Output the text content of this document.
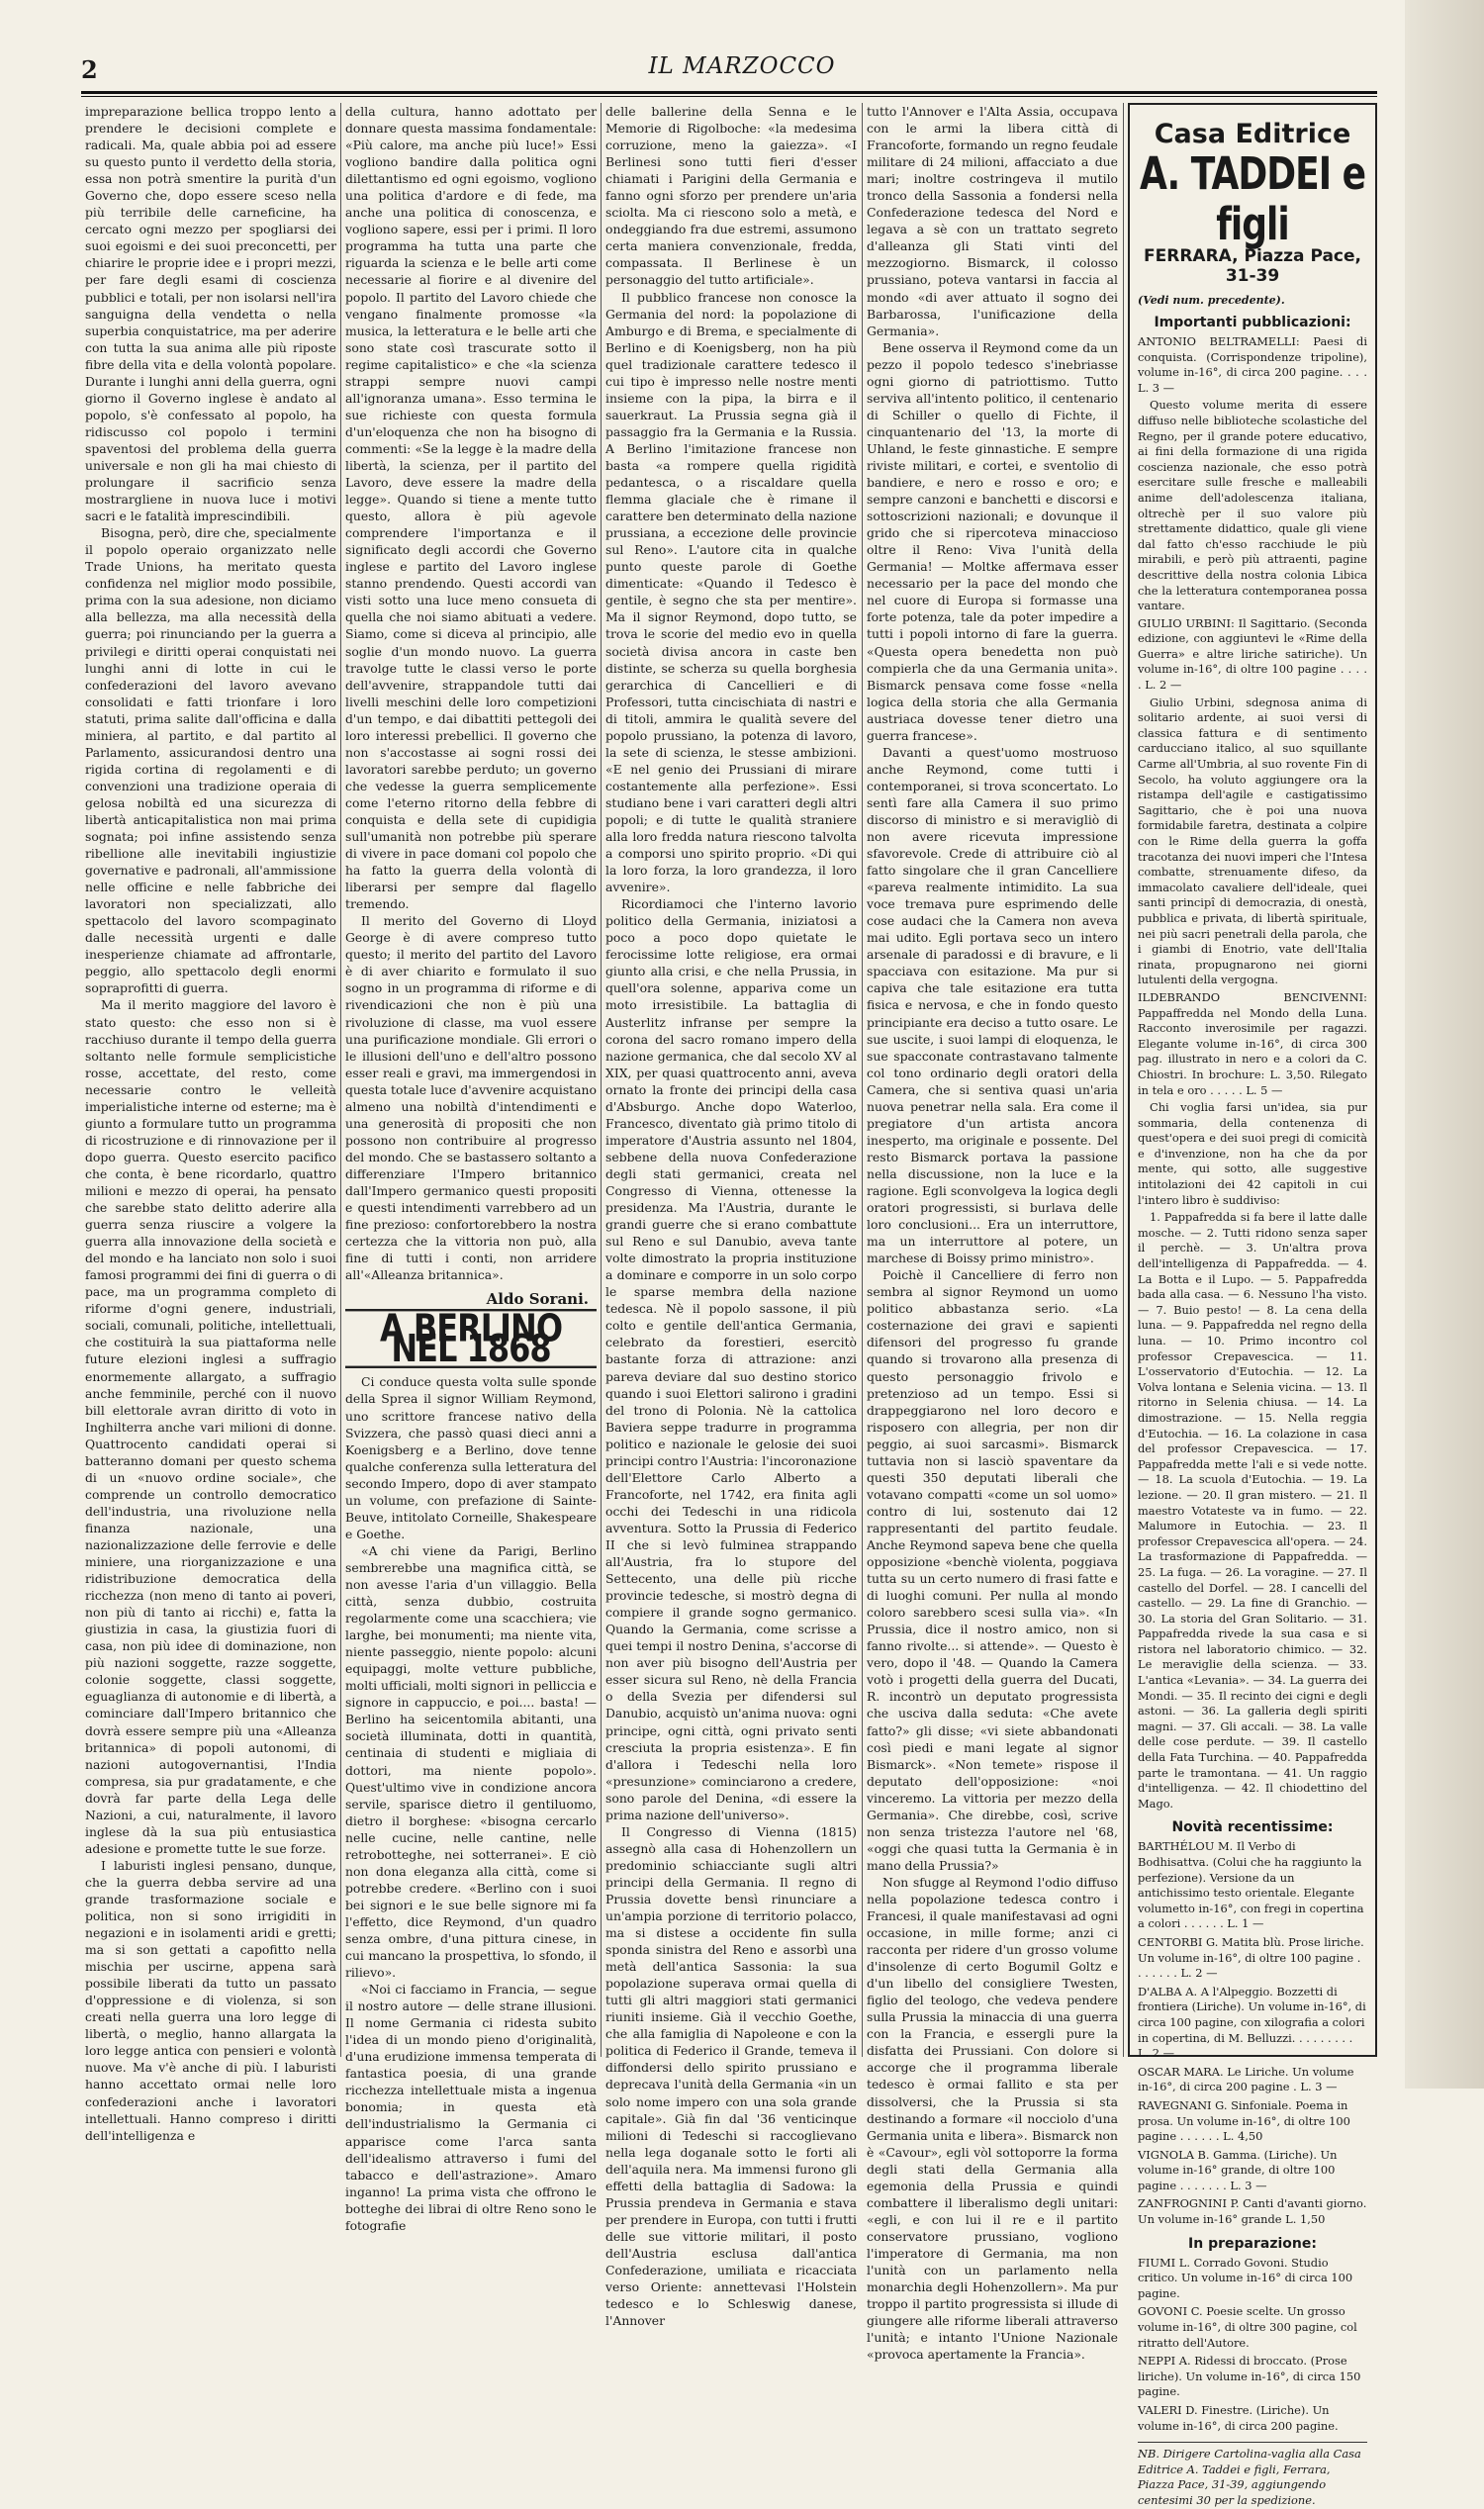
2	IL MARZOCCO

impreparazione bellica troppo lento a prendere le decisioni complete e radicali. Ma, quale abbia poi ad essere su questo punto il verdetto della storia, essa non potrà smentire la purità d'un Governo che, dopo essere sceso nella più terribile delle carneficine, ha cercato ogni mezzo per spogliarsi dei suoi egoismi e dei suoi preconcetti, per chiarire le proprie idee e i propri mezzi, per fare degli esami di coscienza pubblici e totali, per non isolarsi nell'ira sanguigna della vendetta o nella superbia conquistatrice, ma per aderire con tutta la sua anima alle più riposte fibre della vita e della volontà popolare. Durante i lunghi anni della guerra, ogni giorno il Governo inglese è andato al popolo, s'è confessato al popolo, ha ridiscusso col popolo i termini spaventosi del problema della guerra universale e non gli ha mai chiesto di prolungare il sacrificio senza mostrargliene in nuova luce i motivi sacri e le fatalità imprescindibili.

Bisogna, però, dire che, specialmente il popolo operaio organizzato nelle Trade Unions, ha meritato questa confidenza nel miglior modo possibile, prima con la sua adesione, non diciamo alla bellezza, ma alla necessità della guerra; poi rinunciando per la guerra a privilegi e diritti operai conquistati nei lunghi anni di lotte in cui le confederazioni del lavoro avevano consolidati e fatti trionfare i loro statuti, prima salite dall'officina e dalla miniera, al partito, e dal partito al Parlamento, assicurandosi dentro una rigida cortina di regolamenti e di convenzioni una tradizione operaia di gelosa nobiltà ed una sicurezza di libertà anticapitalistica non mai prima sognata; poi infine assistendo senza ribellione alle inevitabili ingiustizie governative e padronali, all'ammissione nelle officine e nelle fabbriche dei lavoratori non specializzati, allo spettacolo del lavoro scompaginato dalle necessità urgenti e dalle inesperienze chiamate ad affrontarle, peggio, allo spettacolo degli enormi sopraprofitti di guerra.

Ma il merito maggiore del lavoro è stato questo: che esso non si è racchiuso durante il tempo della guerra soltanto nelle formule semplicistiche rosse, accettate, del resto, come necessarie contro le velleità imperialistiche interne od esterne; ma è giunto a formulare tutto un programma di ricostruzione e di rinnovazione per il dopo guerra. Questo esercito pacifico che conta, è bene ricordarlo, quattro milioni e mezzo di operai, ha pensato che sarebbe stato delitto aderire alla guerra senza riuscire a volgere la guerra alla innovazione della società e del mondo e ha lanciato non solo i suoi famosi programmi dei fini di guerra o di pace, ma un programma completo di riforme d'ogni genere, industriali, sociali, comunali, politiche, intellettuali, che costituirà la sua piattaforma nelle future elezioni inglesi a suffragio enormemente allargato, a suffragio anche femminile, perché con il nuovo bill elettorale avran diritto di voto in Inghilterra anche vari milioni di donne. Quattrocento candidati operai si batteranno domani per questo schema di un «nuovo ordine sociale», che comprende un controllo democratico dell'industria, una rivoluzione nella finanza nazionale, una nazionalizzazione delle ferrovie e delle miniere, una riorganizzazione e una ridistribuzione democratica della ricchezza (non meno di tanto ai poveri, non più di tanto ai ricchi) e, fatta la giustizia in casa, la giustizia fuori di casa, non più idee di dominazione, non più nazioni soggette, razze soggette, colonie soggette, classi soggette, eguaglianza di autonomie e di libertà, a cominciare dall'Impero britannico che dovrà essere sempre più una «Alleanza britannica» di popoli autonomi, di nazioni autogovernantisi, l'India compresa, sia pur gradatamente, e che dovrà far parte della Lega delle Nazioni, a cui, naturalmente, il lavoro inglese dà la sua più entusiastica adesione e promette tutte le sue forze.

I laburisti inglesi pensano, dunque, che la guerra debba servire ad una grande trasformazione sociale e politica, non si sono irrigiditi in negazioni e in isolamenti aridi e gretti; ma si son gettati a capofitto nella mischia per uscirne, appena sarà possibile liberati da tutto un passato d'oppressione e di violenza, si son creati nella guerra una loro legge di libertà, o meglio, hanno allargata la loro legge antica con pensieri e volontà nuove. Ma v'è anche di più. I laburisti hanno accettato ormai nelle loro confederazioni anche i lavoratori intellettuali. Hanno compreso i diritti dell'intelligenza e

della cultura, hanno adottato per donnare questa massima fondamentale: «Più calore, ma anche più luce!» Essi vogliono bandire dalla politica ogni dilettantismo ed ogni egoismo, vogliono una politica d'ardore e di fede, ma anche una politica di conoscenza, e vogliono sapere, essi per i primi. Il loro programma ha tutta una parte che riguarda la scienza e le belle arti come necessarie al fiorire e al divenire del popolo. Il partito del Lavoro chiede che vengano finalmente promosse «la musica, la letteratura e le belle arti che sono state così trascurate sotto il regime capitalistico» e che «la scienza strappi sempre nuovi campi all'ignoranza umana». Esso termina le sue richieste con questa formula d'un'eloquenza che non ha bisogno di commenti: «Se la legge è la madre della libertà, la scienza, per il partito del Lavoro, deve essere la madre della legge». Quando si tiene a mente tutto questo, allora è più agevole comprendere l'importanza e il significato degli accordi che Governo inglese e partito del Lavoro inglese stanno prendendo. Questi accordi van visti sotto una luce meno consueta di quella che noi siamo abituati a vedere. Siamo, come si diceva al principio, alle soglie d'un mondo nuovo. La guerra travolge tutte le classi verso le porte dell'avvenire, strappandole tutti dai livelli meschini delle loro competizioni d'un tempo, e dai dibattiti pettegoli dei loro interessi prebellici. Il governo che non s'accostasse ai sogni rossi dei lavoratori sarebbe perduto; un governo che vedesse la guerra semplicemente come l'eterno ritorno della febbre di conquista e della sete di cupidigia sull'umanità non potrebbe più sperare di vivere in pace domani col popolo che ha fatto la guerra della volontà di liberarsi per sempre dal flagello tremendo.

Il merito del Governo di Lloyd George è di avere compreso tutto questo; il merito del partito del Lavoro è di aver chiarito e formulato il suo sogno in un programma di riforme e di rivendicazioni che non è più una rivoluzione di classe, ma vuol essere una purificazione mondiale. Gli errori o le illusioni dell'uno e dell'altro possono esser reali e gravi, ma immergendosi in questa totale luce d'avvenire acquistano almeno una nobiltà d'intendimenti e una generosità di propositi che non possono non contribuire al progresso del mondo. Che se bastassero soltanto a differenziare l'Impero britannico dall'Impero germanico questi propositi e questi intendimenti varrebbero ad un fine prezioso: confortorebbero la nostra certezza che la vittoria non può, alla fine di tutti i conti, non arridere all'«Alleanza britannica».

Aldo Sorani.
A BERLINO NEL 1868

Ci conduce questa volta sulle sponde della Sprea il signor William Reymond, uno scrittore francese nativo della Svizzera, che passò quasi dieci anni a Koenigsberg e a Berlino, dove tenne qualche conferenza sulla letteratura del secondo Impero, dopo di aver stampato un volume, con prefazione di Sainte-Beuve, intitolato Corneille, Shakespeare e Goethe.

«A chi viene da Parigi, Berlino sembrerebbe una magnifica città, se non avesse l'aria d'un villaggio. Bella città, senza dubbio, costruita regolarmente come una scacchiera; vie larghe, bei monumenti; ma niente vita, niente passeggio, niente popolo: alcuni equipaggi, molte vetture pubbliche, molti ufficiali, molti signori in pelliccia e signore in cappuccio, e poi.... basta! — Berlino ha seicentomila abitanti, una società illuminata, dotti in quantità, centinaia di studenti e migliaia di dottori, ma niente popolo». Quest'ultimo vive in condizione ancora servile, sparisce dietro il gentiluomo, dietro il borghese: «bisogna cercarlo nelle cucine, nelle cantine, nelle retrobotteghe, nei sotterranei». E ciò non dona eleganza alla città, come si potrebbe credere. «Berlino con i suoi bei signori e le sue belle signore mi fa l'effetto, dice Reymond, d'un quadro senza ombre, d'una pittura cinese, in cui mancano la prospettiva, lo sfondo, il rilievo».

«Noi ci facciamo in Francia, — segue il nostro autore — delle strane illusioni. Il nome Germania ci ridesta subito l'idea di un mondo pieno d'originalità, d'una erudizione immensa temperata di fantastica poesia, di una grande ricchezza intellettuale mista a ingenua bonomia; in questa età dell'industrialismo la Germania ci apparisce come l'arca santa dell'idealismo attraverso i fumi del tabacco e dell'astrazione». Amaro inganno! La prima vista che offrono le botteghe dei librai di oltre Reno sono le fotografie

delle ballerine della Senna e le Memorie di Rigolboche: «la medesima corruzione, meno la gaiezza». «I Berlinesi sono tutti fieri d'esser chiamati i Parigini della Germania e fanno ogni sforzo per prendere un'aria sciolta. Ma ci riescono solo a metà, e ondeggiando fra due estremi, assumono certa maniera convenzionale, fredda, compassata. Il Berlinese è un personaggio del tutto artificiale».

Il pubblico francese non conosce la Germania del nord: la popolazione di Amburgo e di Brema, e specialmente di Berlino e di Koenigsberg, non ha più quel tradizionale carattere tedesco il cui tipo è impresso nelle nostre menti insieme con la pipa, la birra e il sauerkraut. La Prussia segna già il passaggio fra la Germania e la Russia. A Berlino l'imitazione francese non basta «a rompere quella rigidità pedantesca, o a riscaldare quella flemma glaciale che è rimane il carattere ben determinato della nazione prussiana, a eccezione delle provincie sul Reno». L'autore cita in qualche punto queste parole di Goethe dimenticate: «Quando il Tedesco è gentile, è segno che sta per mentire». Ma il signor Reymond, dopo tutto, se trova le scorie del medio evo in quella società divisa ancora in caste ben distinte, se scherza su quella borghesia gerarchica di Cancellieri e di Professori, tutta cincischiata di nastri e di titoli, ammira le qualità severe del popolo prussiano, la potenza di lavoro, la sete di scienza, le stesse ambizioni. «E nel genio dei Prussiani di mirare costantemente alla perfezione». Essi studiano bene i vari caratteri degli altri popoli; e di tutte le qualità straniere alla loro fredda natura riescono talvolta a comporsi uno spirito proprio. «Di qui la loro forza, la loro grandezza, il loro avvenire».

Ricordiamoci che l'interno lavorio politico della Germania, iniziatosi a poco a poco dopo quietate le ferocissime lotte religiose, era ormai giunto alla crisi, e che nella Prussia, in quell'ora solenne, appariva come un moto irresistibile. La battaglia di Austerlitz infranse per sempre la corona del sacro romano impero della nazione germanica, che dal secolo XV al XIX, per quasi quattrocento anni, aveva ornato la fronte dei principi della casa d'Absburgo. Anche dopo Waterloo, Francesco, diventato già primo titolo di imperatore d'Austria assunto nel 1804, sebbene della nuova Confederazione degli stati germanici, creata nel Congresso di Vienna, ottenesse la presidenza. Ma l'Austria, durante le grandi guerre che si erano combattute sul Reno e sul Danubio, aveva tante volte dimostrato la propria instituzione a dominare e comporre in un solo corpo le sparse membra della nazione tedesca. Nè il popolo sassone, il più colto e gentile dell'antica Germania, celebrato da forestieri, esercitò bastante forza di attrazione: anzi pareva deviare dal suo destino storico quando i suoi Elettori salirono i gradini del trono di Polonia. Nè la cattolica Baviera seppe tradurre in programma politico e nazionale le gelosie dei suoi principi contro l'Austria: l'incoronazione dell'Elettore Carlo Alberto a Francoforte, nel 1742, era finita agli occhi dei Tedeschi in una ridicola avventura. Sotto la Prussia di Federico II che si levò fulminea strappando all'Austria, fra lo stupore del Settecento, una delle più ricche provincie tedesche, si mostrò degna di compiere il grande sogno germanico. Quando la Germania, come scrisse a quei tempi il nostro Denina, s'accorse di non aver più bisogno dell'Austria per esser sicura sul Reno, nè della Francia o della Svezia per difendersi sul Danubio, acquistò un'anima nuova: ogni principe, ogni città, ogni privato senti cresciuta la propria esistenza». E fin d'allora i Tedeschi nella loro «presunzione» cominciarono a credere, sono parole del Denina, «di essere la prima nazione dell'universo».

Il Congresso di Vienna (1815) assegnò alla casa di Hohenzollern un predominio schiacciante sugli altri principi della Germania. Il regno di Prussia dovette bensì rinunciare a un'ampia porzione di territorio polacco, ma si distese a occidente fin sulla sponda sinistra del Reno e assorbì una metà dell'antica Sassonia: la sua popolazione superava ormai quella di tutti gli altri maggiori stati germanici riuniti insieme. Già il vecchio Goethe, che alla famiglia di Napoleone e con la politica di Federico il Grande, temeva il diffondersi dello spirito prussiano e deprecava l'unità della Germania «in un solo nome impero con una sola grande capitale». Già fin dal '36 venticinque milioni di Tedeschi si raccoglievano nella lega doganale sotto le forti ali dell'aquila nera. Ma immensi furono gli effetti della battaglia di Sadowa: la Prussia prendeva in Germania e stava per prendere in Europa, con tutti i frutti delle sue vittorie militari, il posto dell'Austria esclusa dall'antica Confederazione, umiliata e ricacciata verso Oriente: annettevasi l'Holstein tedesco e lo Schleswig danese, l'Annover

tutto l'Annover e l'Alta Assia, occupava con le armi la libera città di Francoforte, formando un regno feudale militare di 24 milioni, affacciato a due mari; inoltre costringeva il mutilo tronco della Sassonia a fondersi nella Confederazione tedesca del Nord e legava a sè con un trattato segreto d'alleanza gli Stati vinti del mezzogiorno. Bismarck, il colosso prussiano, poteva vantarsi in faccia al mondo «di aver attuato il sogno dei Barbarossa, l'unificazione della Germania».

Bene osserva il Reymond come da un pezzo il popolo tedesco s'inebriasse ogni giorno di patriottismo. Tutto serviva all'intento politico, il centenario di Schiller o quello di Fichte, il cinquantenario del '13, la morte di Uhland, le feste ginnastiche. E sempre riviste militari, e cortei, e sventolio di bandiere, e nero e rosso e oro; e sempre canzoni e banchetti e discorsi e sottoscrizioni nazionali; e dovunque il grido che si ripercoteva minaccioso oltre il Reno: Viva l'unità della Germania! — Moltke affermava esser necessario per la pace del mondo che nel cuore di Europa si formasse una forte potenza, tale da poter impedire a tutti i popoli intorno di fare la guerra. «Questa opera benedetta non può compierla che da una Germania unita». Bismarck pensava come fosse «nella logica della storia che alla Germania austriaca dovesse tener dietro una guerra francese».

Davanti a quest'uomo mostruoso anche Reymond, come tutti i contemporanei, si trova sconcertato. Lo sentì fare alla Camera il suo primo discorso di ministro e si meravigliò di non avere ricevuta impressione sfavorevole. Crede di attribuire ciò al fatto singolare che il gran Cancelliere «pareva realmente intimidito. La sua voce tremava pure esprimendo delle cose audaci che la Camera non aveva mai udito. Egli portava seco un intero arsenale di paradossi e di bravure, e li spacciava con esitazione. Ma pur si capiva che tale esitazione era tutta fisica e nervosa, e che in fondo questo principiante era deciso a tutto osare. Le sue uscite, i suoi lampi di eloquenza, le sue spacconate contrastavano talmente col tono ordinario degli oratori della Camera, che si sentiva quasi un'aria nuova penetrar nella sala. Era come il pregiatore d'un artista ancora inesperto, ma originale e possente. Del resto Bismarck portava la passione nella discussione, non la luce e la ragione. Egli sconvolgeva la logica degli oratori progressisti, si burlava delle loro conclusioni... Era un interruttore, ma un interruttore al potere, un marchese di Boissy primo ministro».

Poichè il Cancelliere di ferro non sembra al signor Reymond un uomo politico abbastanza serio. «La costernazione dei gravi e sapienti difensori del progresso fu grande quando si trovarono alla presenza di questo personaggio frivolo e pretenzioso ad un tempo. Essi si drappeggiarono nel loro decoro e risposero con allegria, per non dir peggio, ai suoi sarcasmi». Bismarck tuttavia non si lasciò spaventare da questi 350 deputati liberali che votavano compatti «come un sol uomo» contro di lui, sostenuto dai 12 rappresentanti del partito feudale. Anche Reymond sapeva bene che quella opposizione «benchè violenta, poggiava tutta su un certo numero di frasi fatte e di luoghi comuni. Per nulla al mondo coloro sarebbero scesi sulla via». «In Prussia, dice il nostro amico, non si fanno rivolte... si attende». — Questo è vero, dopo il '48. — Quando la Camera votò i progetti della guerra del Ducati, R. incontrò un deputato progressista che usciva dalla seduta: «Che avete fatto?» gli disse; «vi siete abbandonati così piedi e mani legate al signor Bismarck». «Non temete» rispose il deputato dell'opposizione: «noi vinceremo. La vittoria per mezzo della Germania». Che direbbe, così, scrive non senza tristezza l'autore nel '68, «oggi che quasi tutta la Germania è in mano della Prussia?»

Non sfugge al Reymond l'odio diffuso nella popolazione tedesca contro i Francesi, il quale manifestavasi ad ogni occasione, in mille forme; anzi ci racconta per ridere d'un grosso volume d'insolenze di certo Bogumil Goltz e d'un libello del consigliere Twesten, figlio del teologo, che vedeva pendere sulla Prussia la minaccia di una guerra con la Francia, e essergli pure la disfatta dei Prussiani. Con dolore si accorge che il programma liberale tedesco è ormai fallito e sta per dissolversi, che la Prussia si sta destinando a formare «il nocciolo d'una Germania unita e libera». Bismarck non è «Cavour», egli vòl sottoporre la forma degli stati della Germania alla egemonia della Prussia e quindi combattere il liberalismo degli unitari: «egli, e con lui il re e il partito conservatore prussiano, vogliono l'imperatore di Germania, ma non l'unità con un parlamento nella monarchia degli Hohenzollern». Ma pur troppo il partito progressista si illude di giungere alle riforme liberali attraverso l'unità; e intanto l'Unione Nazionale «provoca apertamente la Francia».

Casa Editrice
A. TADDEI e figli
FERRARA, Piazza Pace, 31-39
(Vedi num. precedente).
Importanti pubblicazioni:

ANTONIO BELTRAMELLI: Paesi di conquista. (Corrispondenze tripoline), volume in-16°, di circa 200 pagine. . . . L. 3 —

Questo volume merita di essere diffuso nelle biblioteche scolastiche del Regno, per il grande potere educativo, ai fini della formazione di una rigida coscienza nazionale, che esso potrà esercitare sulle fresche e malleabili anime dell'adolescenza italiana, oltrechè per il suo valore più strettamente didattico, quale gli viene dal fatto ch'esso racchiude le più mirabili, e però più attraenti, pagine descrittive della nostra colonia Libica che la letteratura contemporanea possa vantare.

GIULIO URBINI: Il Sagittario. (Seconda edizione, con aggiuntevi le «Rime della Guerra» e altre liriche satiriche). Un volume in-16°, di oltre 100 pagine . . . . . L. 2 —

Giulio Urbini, sdegnosa anima di solitario ardente, ai suoi versi di classica fattura e di sentimento carducciano italico, al suo squillante Carme all'Umbria, al suo rovente Fin di Secolo, ha voluto aggiungere ora la ristampa dell'agile e castigatissimo Sagittario, che è poi una nuova formidabile faretra, destinata a colpire con le Rime della guerra la goffa tracotanza dei nuovi imperi che l'Intesa combatte, strenuamente difeso, da immacolato cavaliere dell'ideale, quei santi principî di democrazia, di onestà, pubblica e privata, di libertà spirituale, nei più sacri penetrali della parola, che i giambi di Enotrio, vate dell'Italia rinata, propugnarono nei giorni lutulenti della vergogna.

ILDEBRANDO BENCIVENNI: Pappaffredda nel Mondo della Luna. Racconto inverosimile per ragazzi. Elegante volume in-16°, di circa 300 pag. illustrato in nero e a colori da C. Chiostri. In brochure: L. 3,50. Rilegato in tela e oro . . . . . L. 5 —

Chi voglia farsi un'idea, sia pur sommaria, della contenenza di quest'opera e dei suoi pregi di comicità e d'invenzione, non ha che da por mente, qui sotto, alle suggestive intitolazioni dei 42 capitoli in cui l'intero libro è suddiviso:

1. Pappafredda si fa bere il latte dalle mosche. — 2. Tutti ridono senza saper il perchè. — 3. Un'altra prova dell'intelligenza di Pappafredda. — 4. La Botta e il Lupo. — 5. Pappafredda bada alla casa. — 6. Nessuno l'ha visto. — 7. Buio pesto! — 8. La cena della luna. — 9. Pappafredda nel regno della luna. — 10. Primo incontro col professor Crepavescica. — 11. L'osservatorio d'Eutochia. — 12. La Volva lontana e Selenia vicina. — 13. Il ritorno in Selenia chiusa. — 14. La dimostrazione. — 15. Nella reggia d'Eutochia. — 16. La colazione in casa del professor Crepavescica. — 17. Pappafredda mette l'ali e si vede notte. — 18. La scuola d'Eutochia. — 19. La lezione. — 20. Il gran mistero. — 21. Il maestro Votateste va in fumo. — 22. Malumore in Eutochia. — 23. Il professor Crepavescica all'opera. — 24. La trasformazione di Pappafredda. — 25. La fuga. — 26. La voragine. — 27. Il castello del Dorfel. — 28. I cancelli del castello. — 29. La fine di Granchio. — 30. La storia del Gran Solitario. — 31. Pappafredda rivede la sua casa e si ristora nel laboratorio chimico. — 32. Le meraviglie della scienza. — 33. L'antica «Levania». — 34. La guerra dei Mondi. — 35. Il recinto dei cigni e degli astoni. — 36. La galleria degli spiriti magni. — 37. Gli accali. — 38. La valle delle cose perdute. — 39. Il castello della Fata Turchina. — 40. Pappafredda parte le tramontana. — 41. Un raggio d'intelligenza. — 42. Il chiodettino del Mago.

Novità recentissime:
BARTHÉLOU M. Il Verbo di Bodhisattva. (Colui che ha raggiunto la perfezione). Versione da un antichissimo testo orientale. Elegante volumetto in-16°, con fregi in copertina a colori . . . . . . L. 1 —
CENTORBI G. Matita blù. Prose liriche. Un volume in-16°, di oltre 100 pagine . . . . . . . L. 2 —
D'ALBA A. A l'Alpeggio. Bozzetti di frontiera (Liriche). Un volume in-16°, di circa 100 pagine, con xilografia a colori in copertina, di M. Belluzzi. . . . . . . . . L. 2 —
OSCAR MARA. Le Liriche. Un volume in-16°, di circa 200 pagine . L. 3 —
RAVEGNANI G. Sinfoniale. Poema in prosa. Un volume in-16°, di oltre 100 pagine . . . . . . L. 4,50
VIGNOLA B. Gamma. (Liriche). Un volume in-16° grande, di oltre 100 pagine . . . . . . . L. 3 —
ZANFROGNINI P. Canti d'avanti giorno. Un volume in-16° grande L. 1,50
In preparazione:
FIUMI L. Corrado Govoni. Studio critico. Un volume in-16° di circa 100 pagine.
GOVONI C. Poesie scelte. Un grosso volume in-16°, di oltre 300 pagine, col ritratto dell'Autore.
NEPPI A. Ridessi di broccato. (Prose liriche). Un volume in-16°, di circa 150 pagine.
VALERI D. Finestre. (Liriche). Un volume in-16°, di circa 200 pagine.
NB. Dirigere Cartolina-vaglia alla Casa Editrice A. Taddei e figli, Ferrara, Piazza Pace, 31-39, aggiungendo centesimi 30 per la spedizione.
